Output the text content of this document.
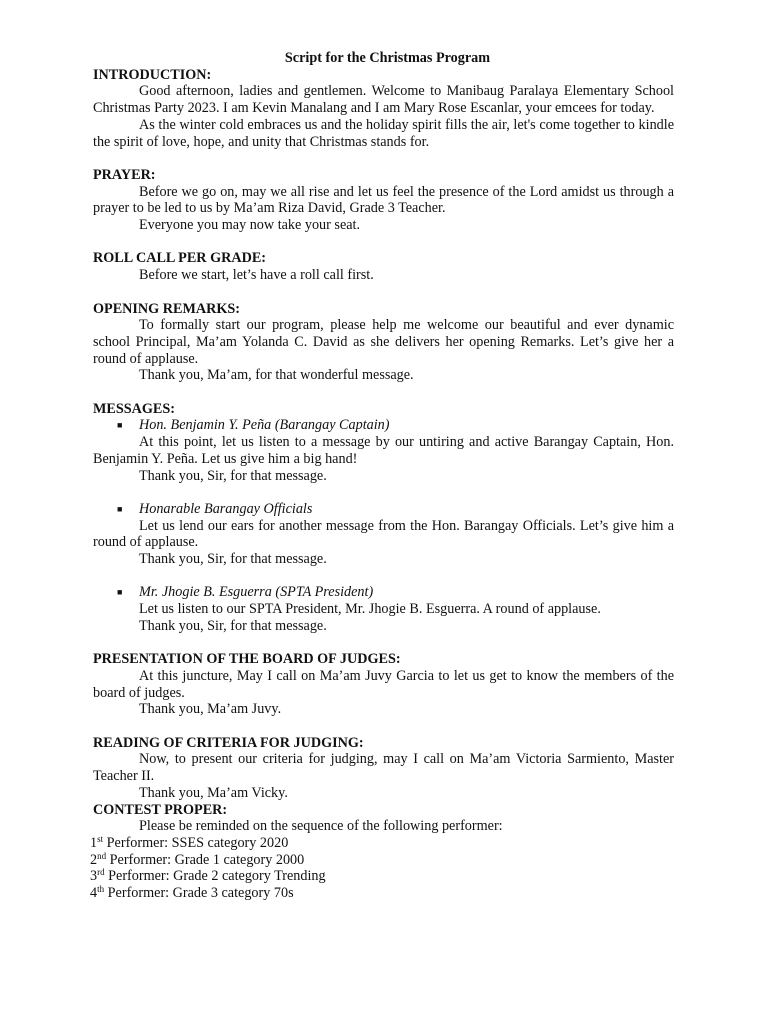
Script for the Christmas Program

INTRODUCTION:

Good afternoon, ladies and gentlemen. Welcome to Manibaug Paralaya Elementary School Christmas Party 2023. I am Kevin Manalang and I am Mary Rose Escanlar, your emcees for today.

As the winter cold embraces us and the holiday spirit fills the air, let's come together to kindle the spirit of love, hope, and unity that Christmas stands for.

PRAYER:

Before we go on, may we all rise and let us feel the presence of the Lord amidst us through a prayer to be led to us by Ma’am Riza David, Grade 3 Teacher.

Everyone you may now take your seat.

ROLL CALL PER GRADE:

Before we start, let’s have a roll call first.

OPENING REMARKS:

To formally start our program, please help me welcome our beautiful and ever dynamic school Principal, Ma’am Yolanda C. David as she delivers her opening Remarks. Let’s give her a round of applause.

Thank you, Ma’am, for that wonderful message.

MESSAGES:

■ Hon. Benjamin Y. Peña (Barangay Captain)

At this point, let us listen to a message by our untiring and active Barangay Captain, Hon. Benjamin Y. Peña. Let us give him a big hand!

Thank you, Sir, for that message.

■ Honarable Barangay Officials

Let us lend our ears for another message from the Hon. Barangay Officials. Let’s give him a round of applause.

Thank you, Sir, for that message.

■ Mr. Jhogie B. Esguerra (SPTA President)

Let us listen to our SPTA President, Mr. Jhogie B. Esguerra. A round of applause.

Thank you, Sir, for that message.

PRESENTATION OF THE BOARD OF JUDGES:

At this juncture, May I call on Ma’am Juvy Garcia to let us get to know the members of the board of judges.

Thank you, Ma’am Juvy.

READING OF CRITERIA FOR JUDGING:

Now, to present our criteria for judging, may I call on Ma’am Victoria Sarmiento, Master Teacher II.

Thank you, Ma’am Vicky.

CONTEST PROPER:

Please be reminded on the sequence of the following performer:

1st Performer: SSES category 2020

2nd Performer: Grade 1 category 2000

3rd Performer: Grade 2 category Trending

4th Performer: Grade 3 category 70s
